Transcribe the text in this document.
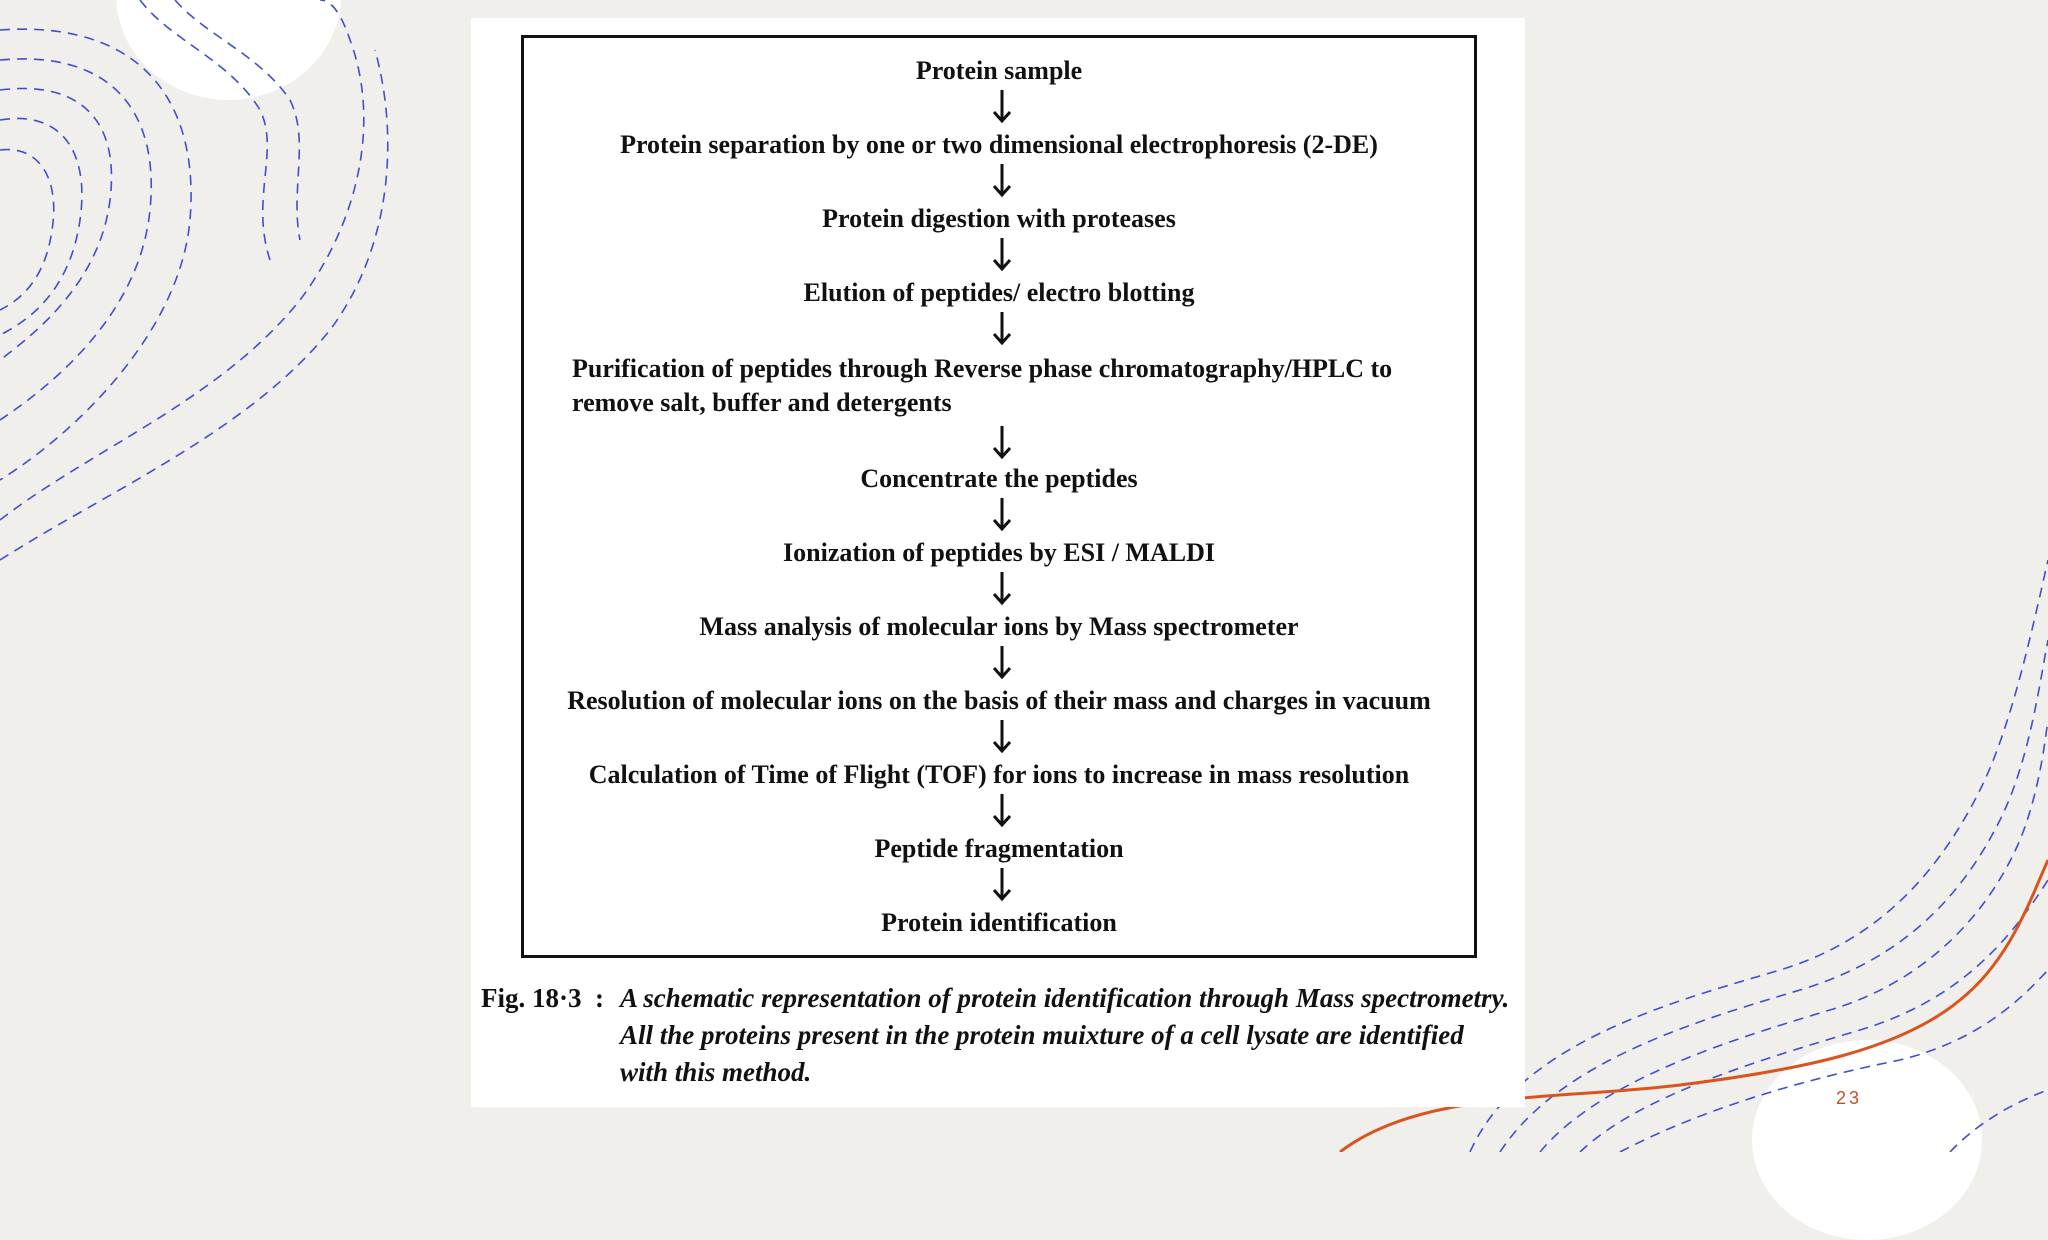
Protein sample
Protein separation by one or two dimensional electrophoresis (2-DE)
Protein digestion with proteases
Elution of peptides/ electro blotting
Purification of peptides through Reverse phase chromatography/HPLC to remove salt, buffer and detergents
Concentrate the peptides
Ionization of peptides by ESI / MALDI
Mass analysis of molecular ions by Mass spectrometer
Resolution of molecular ions on the basis of their mass and charges in vacuum
Calculation of Time of Flight (TOF) for ions to increase in mass resolution
Peptide fragmentation
Protein identification
Fig. 18·3 : A schematic representation of protein identification through Mass spectrometry. All the proteins present in the protein muixture of a cell lysate are identified with this method.
23
